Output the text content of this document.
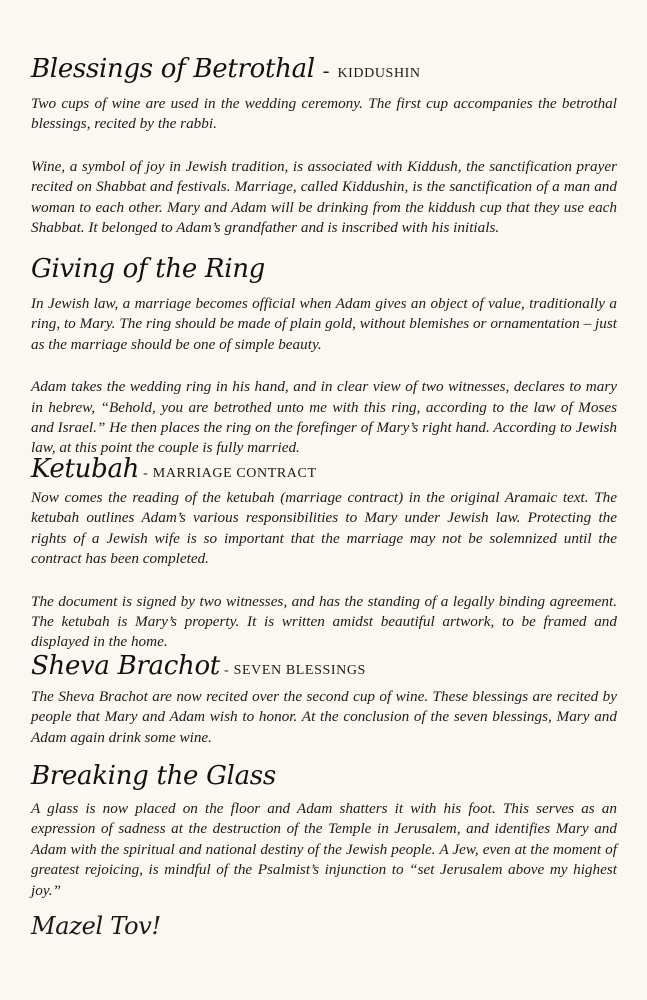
Blessings of Betrothal - KIDDUSHIN

Two cups of wine are used in the wedding ceremony. The first cup accompanies the betrothal blessings, recited by the rabbi.

Wine, a symbol of joy in Jewish tradition, is associated with Kiddush, the sanctification prayer recited on Shabbat and festivals. Marriage, called Kiddushin, is the sanctification of a man and woman to each other. Mary and Adam will be drinking from the kiddush cup that they use each Shabbat. It belonged to Adam’s grandfather and is inscribed with his initials.

Giving of the Ring

In Jewish law, a marriage becomes official when Adam gives an object of value, traditionally a ring, to Mary. The ring should be made of plain gold, without blemishes or ornamentation – just as the marriage should be one of simple beauty.

Adam takes the wedding ring in his hand, and in clear view of two witnesses, declares to mary in hebrew, “Behold, you are betrothed unto me with this ring, according to the law of Moses and Israel.” He then places the ring on the forefinger of Mary’s right hand. According to Jewish law, at this point the couple is fully married.

Ketubah - MARRIAGE CONTRACT

Now comes the reading of the ketubah (marriage contract) in the original Aramaic text. The ketubah outlines Adam’s various responsibilities to Mary under Jewish law. Protecting the rights of a Jewish wife is so important that the marriage may not be solemnized until the contract has been completed.

The document is signed by two witnesses, and has the standing of a legally binding agreement. The ketubah is Mary’s property. It is written amidst beautiful artwork, to be framed and displayed in the home.

Sheva Brachot - SEVEN BLESSINGS

The Sheva Brachot are now recited over the second cup of wine. These blessings are recited by people that Mary and Adam wish to honor. At the conclusion of the seven blessings, Mary and Adam again drink some wine.

Breaking the Glass

A glass is now placed on the floor and Adam shatters it with his foot. This serves as an expression of sadness at the destruction of the Temple in Jerusalem, and identifies Mary and Adam with the spiritual and national destiny of the Jewish people. A Jew, even at the moment of greatest rejoicing, is mindful of the Psalmist’s injunction to “set Jerusalem above my highest joy.”

Mazel Tov!
